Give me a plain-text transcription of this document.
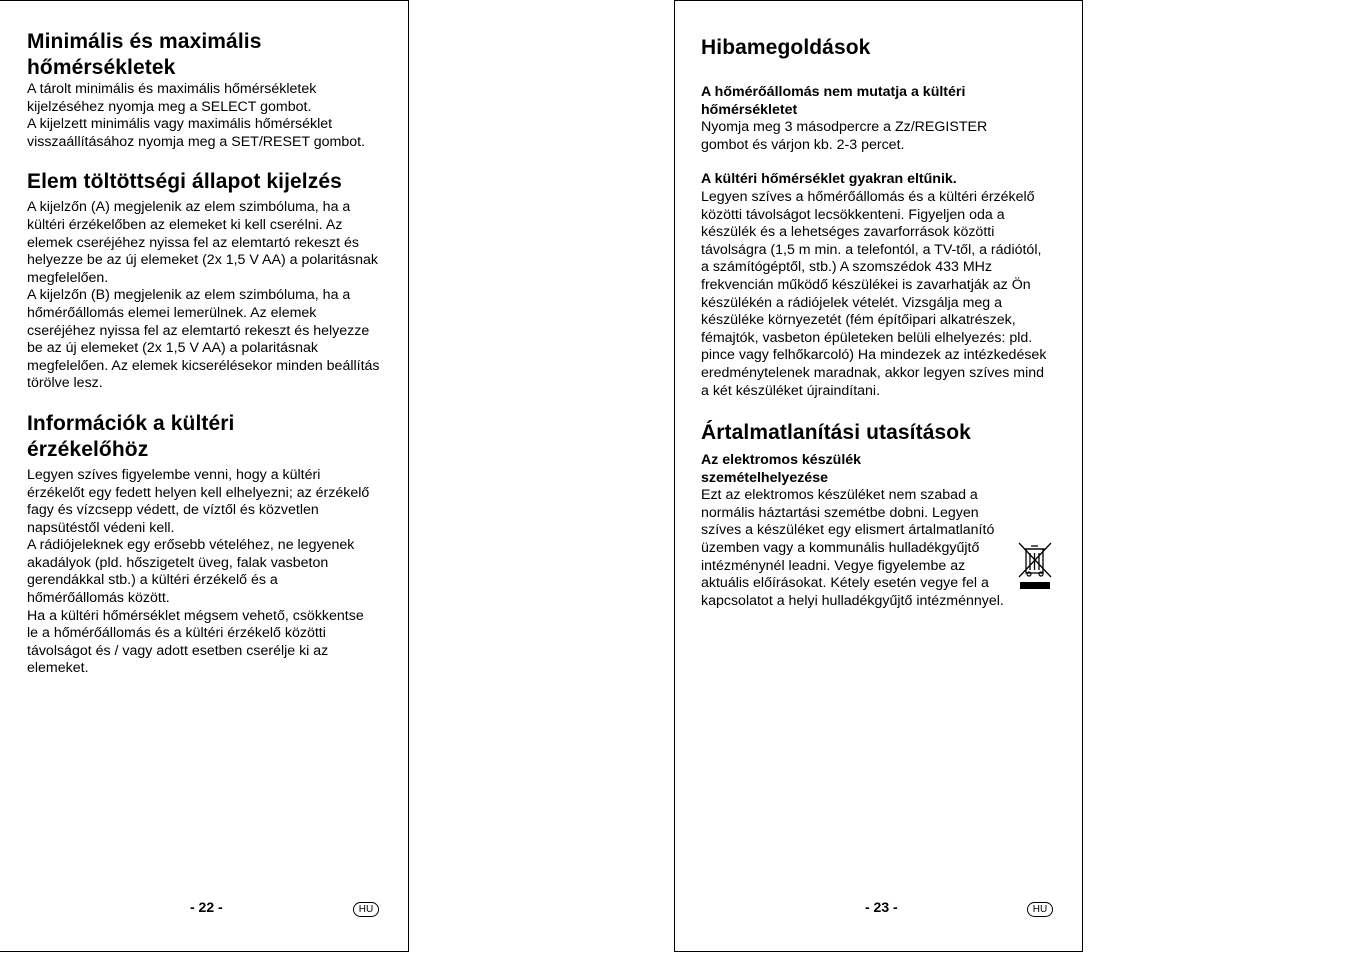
Minimális és maximális hőmérsékletek

A tárolt minimális és maximális hőmérsékletek kijelzéséhez nyomja meg a SELECT gombot.

A kijelzett minimális vagy maximális hőmérséklet visszaállításához nyomja meg a SET/RESET gombot.

Elem töltöttségi állapot kijelzés

A kijelzőn (A) megjelenik az elem szimbóluma, ha a kültéri érzékelőben az elemeket ki kell cserélni. Az elemek cseréjéhez nyissa fel az elemtartó rekeszt és helyezze be az új elemeket (2x 1,5 V AA) a polaritásnak megfelelően.

A kijelzőn (B) megjelenik az elem szimbóluma, ha a hőmérőállomás elemei lemerülnek. Az elemek cseréjéhez nyissa fel az elemtartó rekeszt és helyezze be az új elemeket (2x 1,5 V AA) a polaritásnak megfelelően. Az elemek kicserélésekor minden beállítás törölve lesz.

Információk a kültéri érzékelőhöz

Legyen szíves figyelembe venni, hogy a kültéri érzékelőt egy fedett helyen kell elhelyezni; az érzékelő fagy és vízcsepp védett, de víztől és közvetlen napsütéstől védeni kell.

A rádiójeleknek egy erősebb vételéhez, ne legyenek akadályok (pld. hőszigetelt üveg, falak vasbeton gerendákkal stb.) a kültéri érzékelő és a hőmérőállomás között.

Ha a kültéri hőmérséklet mégsem vehető, csökkentse le a hőmérőállomás és a kültéri érzékelő közötti távolságot és / vagy adott esetben cserélje ki az elemeket.

- 22 -	HU
Hibamegoldások

A hőmérőállomás nem mutatja a kültéri hőmérsékletet

Nyomja meg 3 másodpercre a Zz/REGISTER gombot és várjon kb. 2-3 percet.

A kültéri hőmérséklet gyakran eltűnik.

Legyen szíves a hőmérőállomás és a kültéri érzékelő közötti távolságot lecsökkenteni. Figyeljen oda a készülék és a lehetséges zavarforrások közötti távolságra (1,5 m min. a telefontól, a TV-től, a rádiótól, a számítógéptől, stb.) A szomszédok 433 MHz frekvencián működő készülékei is zavarhatják az Ön készülékén a rádiójelek vételét. Vizsgálja meg a készüléke környezetét (fém építőipari alkatrészek, fémajtók, vasbeton épületeken belüli elhelyezés: pld. pince vagy felhőkarcoló) Ha mindezek az intézkedések eredménytelenek maradnak, akkor legyen szíves mind a két készüléket újraindítani.

Ártalmatlanítási utasítások

Az elektromos készülék szemételhelyezése

Ezt az elektromos készüléket nem szabad a normális háztartási szemétbe dobni. Legyen szíves a készüléket egy elismert ártalmatlanító üzemben vagy a kommunális hulladékgyűjtő intézménynél leadni. Vegye figyelembe az aktuális előírásokat. Kétely esetén vegye fel a kapcsolatot a helyi hulladékgyűjtő intézménnyel.

- 23 -	HU
